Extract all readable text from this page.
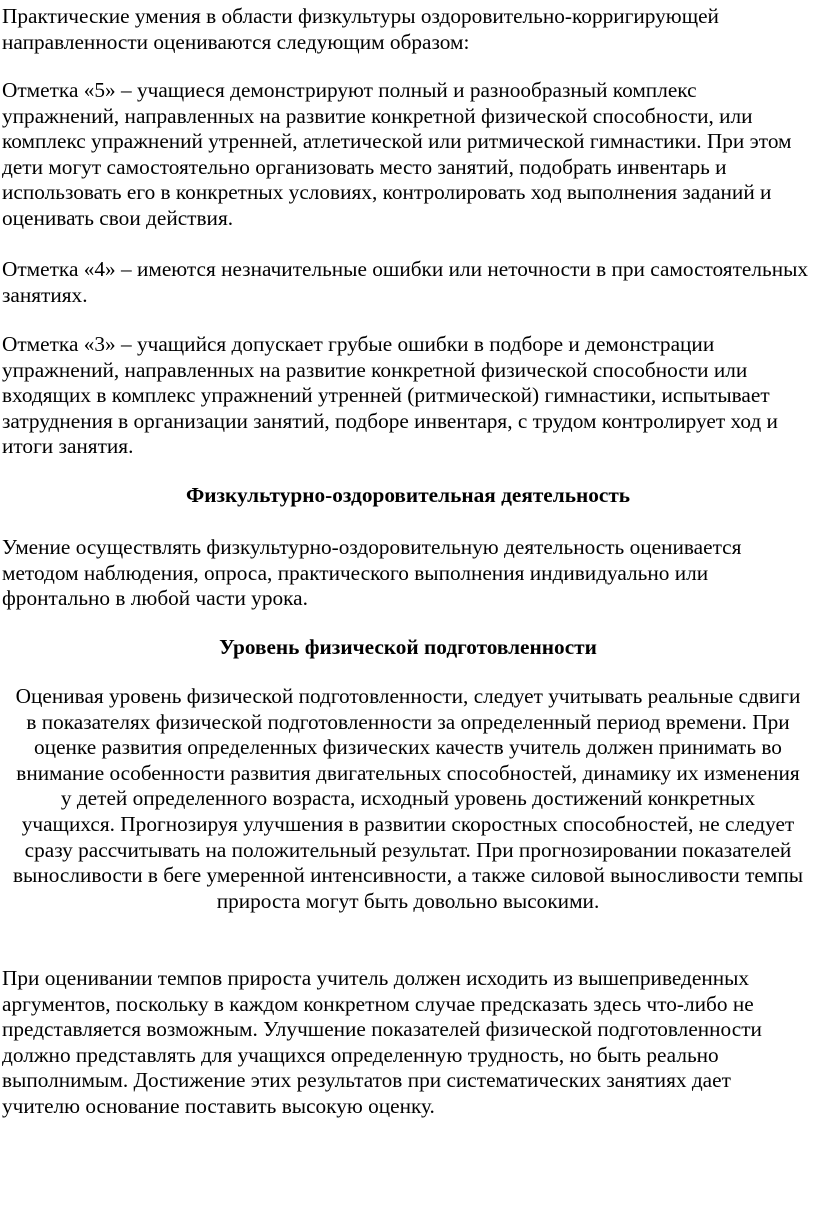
Практические умения в области физкультуры оздоровительно-корригирующей направленности оцениваются следующим образом:

Отметка «5» – учащиеся демонстрируют полный и разнообразный комплекс упражнений, направленных на развитие конкретной физической способности, или комплекс упражнений утренней, атлетической или ритмической гимнастики. При этом дети могут самостоятельно организовать место занятий, подобрать инвентарь и использовать его в конкретных условиях, контролировать ход выполнения заданий и оценивать свои действия.

Отметка «4» – имеются незначительные ошибки или неточности в при самостоятельных занятиях.

Отметка «3» – учащийся допускает грубые ошибки в подборе и демонстрации упражнений, направленных на развитие конкретной физической способности или входящих в комплекс упражнений утренней (ритмической) гимнастики, испытывает затруднения в организации занятий, подборе инвентаря, с трудом контролирует ход и итоги занятия.

Физкультурно-оздоровительная деятельность

Умение осуществлять физкультурно-оздоровительную деятельность оценивается методом наблюдения, опроса, практического выполнения индивидуально или фронтально в любой части урока.

Уровень физической подготовленности

Оценивая уровень физической подготовленности, следует учитывать реальные сдвиги в показателях физической подготовленности за определенный период времени. При оценке развития определенных физических качеств учитель должен принимать во внимание особенности развития двигательных способностей, динамику их изменения у детей определенного возраста, исходный уровень достижений конкретных учащихся. Прогнозируя улучшения в развитии скоростных способностей, не следует сразу рассчитывать на положительный результат. При прогнозировании показателей выносливости в беге умеренной интенсивности, а также силовой выносливости темпы прироста могут быть довольно высокими.

При оценивании темпов прироста учитель должен исходить из вышеприведенных аргументов, поскольку в каждом конкретном случае предсказать здесь что-либо не представляется возможным. Улучшение показателей физической подготовленности должно представлять для учащихся определенную трудность, но быть реально выполнимым. Достижение этих результатов при систематических занятиях дает учителю основание поставить высокую оценку.
